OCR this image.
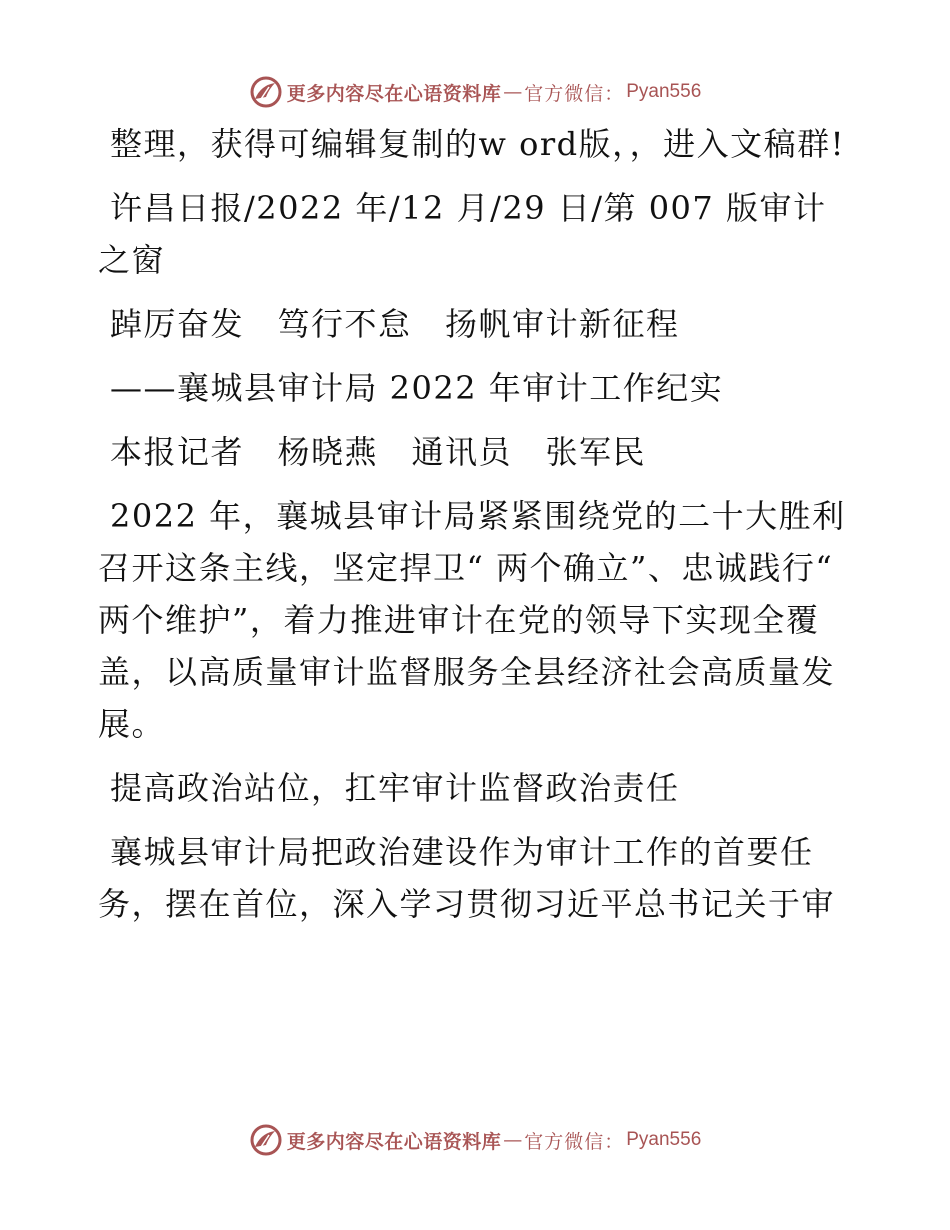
更多内容尽在心语资料库 — 官方微信： Pyan556

整理，获得可编辑复制的w ord版，，进入文稿群!

许昌日报/2022 年/12 月/29 日/第 007 版审计之窗

踔厉奋发　笃行不怠　扬帆审计新征程

——襄城县审计局 2022 年审计工作纪实

本报记者　杨晓燕　通讯员　张军民

2022 年，襄城县审计局紧紧围绕党的二十大胜利召开这条主线，坚定捍卫“ 两个确立”、忠诚践行“ 两个维护”，着力推进审计在党的领导下实现全覆盖，以高质量审计监督服务全县经济社会高质量发展。

提高政治站位，扛牢审计监督政治责任

襄城县审计局把政治建设作为审计工作的首要任务，摆在首位，深入学习贯彻习近平总书记关于审

更多内容尽在心语资料库 — 官方微信： Pyan556
